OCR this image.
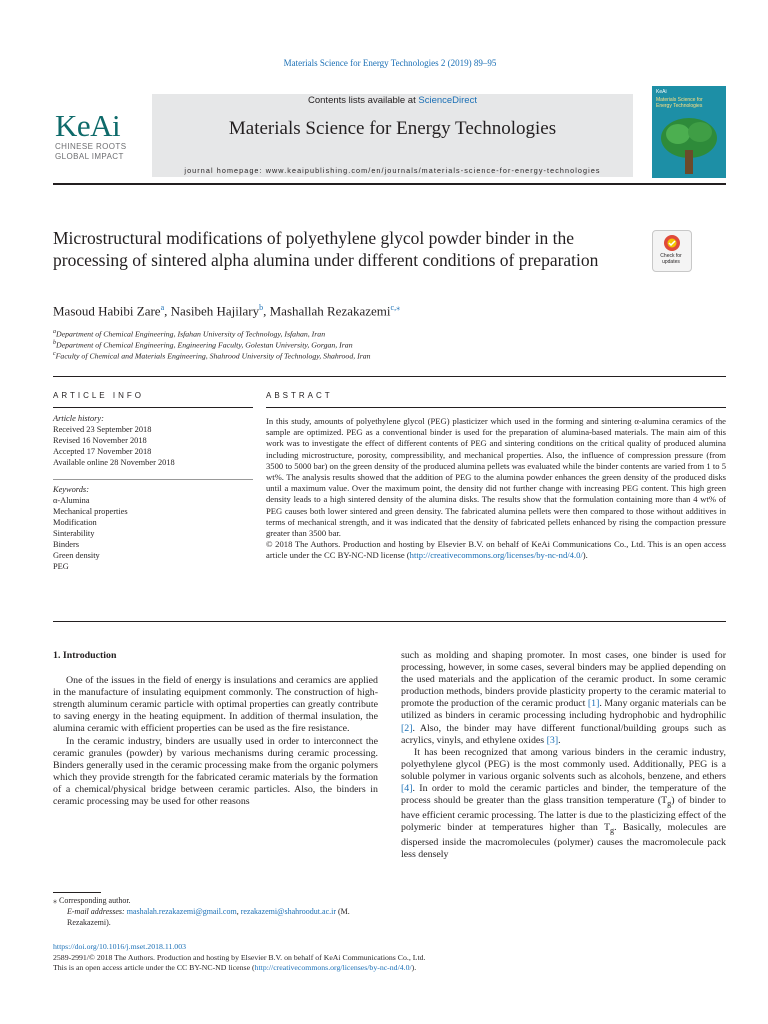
Materials Science for Energy Technologies 2 (2019) 89–95
KeAi
CHINESE ROOTS
GLOBAL IMPACT
Contents lists available at ScienceDirect
Materials Science for Energy Technologies
journal homepage: www.keaipublishing.com/en/journals/materials-science-for-energy-technologies
KeAi
Materials Science for Energy Technologies
Microstructural modifications of polyethylene glycol powder binder in the processing of sintered alpha alumina under different conditions of preparation	Check for updates
Masoud Habibi Zare$^a$, Nasibeh Hajilary$^b$, Mashallah Rezakazemi$^{c,⁎}$
$^a$Department of Chemical Engineering, Isfahan University of Technology, Isfahan, Iran
$^b$Department of Chemical Engineering, Engineering Faculty, Golestan University, Gorgan, Iran
$^c$Faculty of Chemical and Materials Engineering, Shahrood University of Technology, Shahrood, Iran
ARTICLE INFO	ABSTRACT
Article history:
Received 23 September 2018
Revised 16 November 2018
Accepted 17 November 2018
Available online 28 November 2018
Keywords:
α-Alumina
Mechanical properties
Modification
Sinterability
Binders
Green density
PEG

In this study, amounts of polyethylene glycol (PEG) plasticizer which used in the forming and sintering α-alumina ceramics of the sample are optimized. PEG as a conventional binder is used for the preparation of alumina-based materials. The main aim of this work was to investigate the effect of different contents of PEG and sintering conditions on the critical quality of produced alumina including microstructure, porosity, compressibility, and mechanical properties. Also, the influence of compression pressure (from 3500 to 5000 bar) on the green density of the produced alumina pellets was evaluated while the binder contents are varied from 1 to 5 wt%. The analysis results showed that the addition of PEG to the alumina powder enhances the green density of the produced disks until a maximum value. Over the maximum point, the density did not further change with increasing PEG content. This high green density leads to a high sintered density of the alumina disks. The results show that the formulation containing more than 4 wt% of PEG causes both lower sintered and green density. The fabricated alumina pellets were then compared to those without additives in terms of mechanical strength, and it was indicated that the density of fabricated pellets enhanced by rising the compaction pressure greater than 3500 bar.

© 2018 The Authors. Production and hosting by Elsevier B.V. on behalf of KeAi Communications Co., Ltd. This is an open access article under the CC BY-NC-ND license (http://creativecommons.org/licenses/by-nc-nd/4.0/).

1. Introduction

One of the issues in the field of energy is insulations and ceramics are applied in the manufacture of insulating equipment commonly. The construction of high-strength aluminum ceramic particle with optimal properties can greatly contribute to saving energy in the heating equipment. In addition of thermal insulation, the alumina ceramic with efficient properties can be used as the fire resistance.

In the ceramic industry, binders are usually used in order to interconnect the ceramic granules (powder) by various mechanisms during ceramic processing. Binders generally used in the ceramic processing make from the organic polymers which they provide strength for the fabricated ceramic materials by the formation of a chemical/physical bridge between ceramic particles. Also, the binders in ceramic processing may be used for other reasons

such as molding and shaping promoter. In most cases, one binder is used for processing, however, in some cases, several binders may be applied depending on the used materials and the application of the ceramic product. In some ceramic production methods, binders provide plasticity property to the ceramic material to promote the production of the ceramic product [1]. Many organic materials can be utilized as binders in ceramic processing including hydrophobic and hydrophilic [2]. Also, the binder may have different functional/building groups such as acrylics, vinyls, and ethylene oxides [3].

It has been recognized that among various binders in the ceramic industry, polyethylene glycol (PEG) is the most commonly used. Additionally, PEG is a soluble polymer in various organic solvents such as alcohols, benzene, and ethers [4]. In order to mold the ceramic particles and binder, the temperature of the process should be greater than the glass transition temperature $(T_g)$ of binder to have efficient ceramic processing. The latter is due to the plasticizing effect of the polymeric binder at temperatures higher than $T_g$. Basically, molecules are dispersed inside the macromolecules (polymer) causes the macromolecule pack less densely

⁎ Corresponding author.
E-mail addresses: mashalah.rezakazemi@gmail.com, rezakazemi@shahroodut.ac.ir (M. Rezakazemi).
https://doi.org/10.1016/j.mset.2018.11.003
2589-2991/© 2018 The Authors. Production and hosting by Elsevier B.V. on behalf of KeAi Communications Co., Ltd.
This is an open access article under the CC BY-NC-ND license (http://creativecommons.org/licenses/by-nc-nd/4.0/).
